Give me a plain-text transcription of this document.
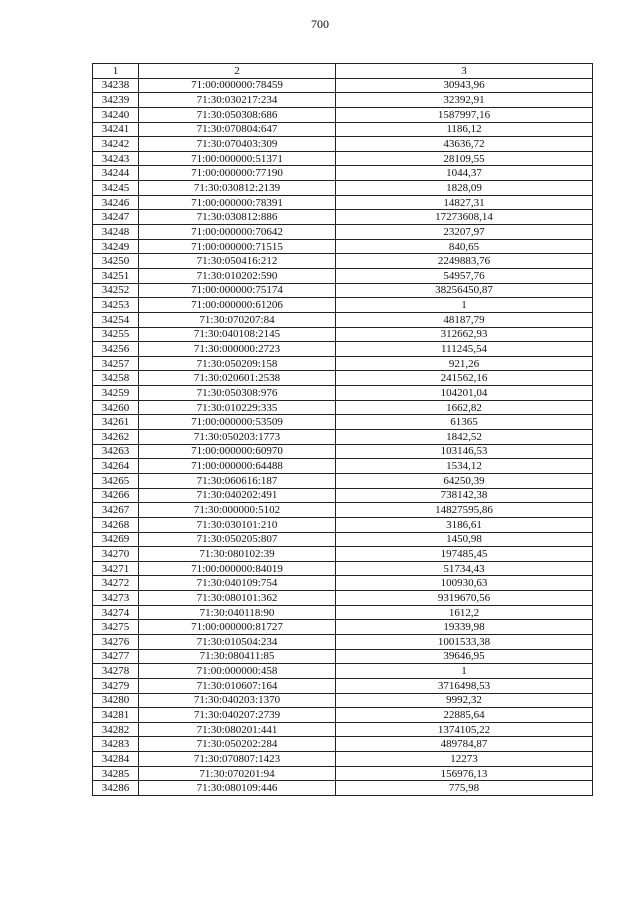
700
1	2	3
34238	71:00:000000:78459	30943,96
34239	71:30:030217:234	32392,91
34240	71:30:050308:686	1587997,16
34241	71:30:070804:647	1186,12
34242	71:30:070403:309	43636,72
34243	71:00:000000:51371	28109,55
34244	71:00:000000:77190	1044,37
34245	71:30:030812:2139	1828,09
34246	71:00:000000:78391	14827,31
34247	71:30:030812:886	17273608,14
34248	71:00:000000:70642	23207,97
34249	71:00:000000:71515	840,65
34250	71:30:050416:212	2249883,76
34251	71:30:010202:590	54957,76
34252	71:00:000000:75174	38256450,87
34253	71:00:000000:61206	1
34254	71:30:070207:84	48187,79
34255	71:30:040108:2145	312662,93
34256	71:30:000000:2723	111245,54
34257	71:30:050209:158	921,26
34258	71:30:020601:2538	241562,16
34259	71:30:050308:976	104201,04
34260	71:30:010229:335	1662,82
34261	71:00:000000:53509	61365
34262	71:30:050203:1773	1842,52
34263	71:00:000000:60970	103146,53
34264	71:00:000000:64488	1534,12
34265	71:30:060616:187	64250,39
34266	71:30:040202:491	738142,38
34267	71:30:000000:5102	14827595,86
34268	71:30:030101:210	3186,61
34269	71:30:050205:807	1450,98
34270	71:30:080102:39	197485,45
34271	71:00:000000:84019	51734,43
34272	71:30:040109:754	100930,63
34273	71:30:080101:362	9319670,56
34274	71:30:040118:90	1612,2
34275	71:00:000000:81727	19339,98
34276	71:30:010504:234	1001533,38
34277	71:30:080411:85	39646,95
34278	71:00:000000:458	1
34279	71:30:010607:164	3716498,53
34280	71:30:040203:1370	9992,32
34281	71:30:040207:2739	22885,64
34282	71:30:080201:441	1374105,22
34283	71:30:050202:284	489784,87
34284	71:30:070807:1423	12273
34285	71:30:070201:94	156976,13
34286	71:30:080109:446	775,98
